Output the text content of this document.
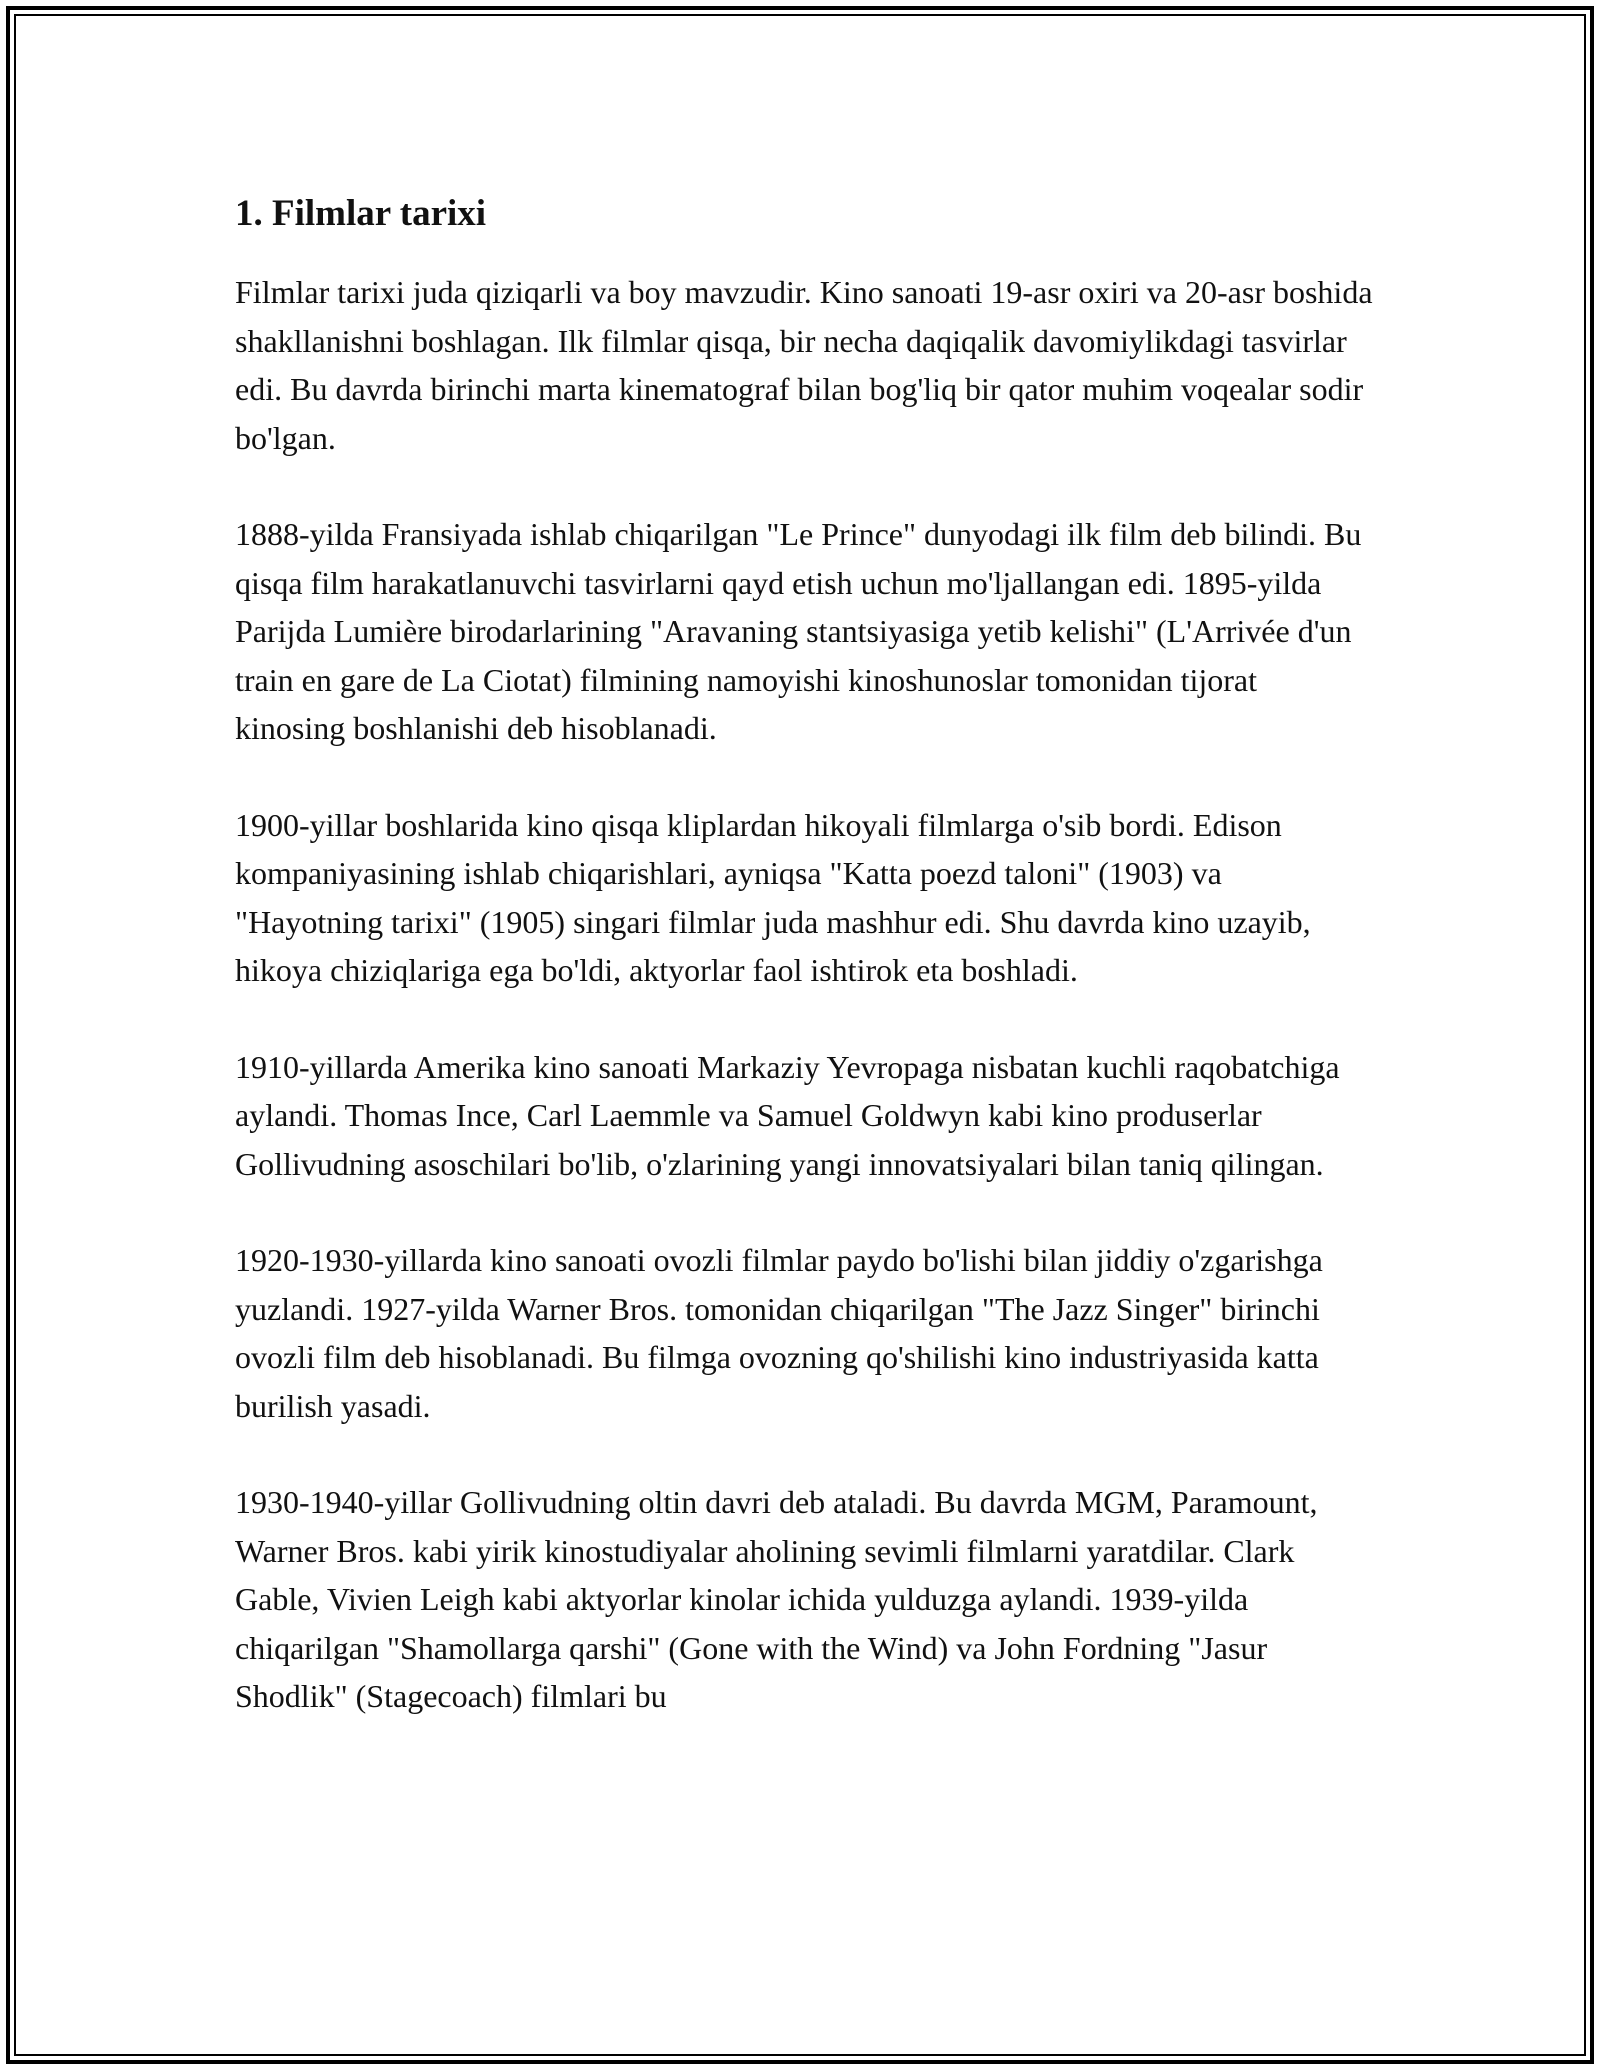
1. Filmlar tarixi

Filmlar tarixi juda qiziqarli va boy mavzudir. Kino sanoati 19-asr oxiri va 20-asr boshida shakllanishni boshlagan. Ilk filmlar qisqa, bir necha daqiqalik davomiylikdagi tasvirlar edi. Bu davrda birinchi marta kinematograf bilan bog'liq bir qator muhim voqealar sodir bo'lgan.

1888-yilda Fransiyada ishlab chiqarilgan "Le Prince" dunyodagi ilk film deb bilindi. Bu qisqa film harakatlanuvchi tasvirlarni qayd etish uchun mo'ljallangan edi. 1895-yilda Parijda Lumière birodarlarining "Aravaning stantsiyasiga yetib kelishi" (L'Arrivée d'un train en gare de La Ciotat) filmining namoyishi kinoshunoslar tomonidan tijorat kinosing boshlanishi deb hisoblanadi.

1900-yillar boshlarida kino qisqa kliplardan hikoyali filmlarga o'sib bordi. Edison kompaniyasining ishlab chiqarishlari, ayniqsa "Katta poezd taloni" (1903) va "Hayotning tarixi" (1905) singari filmlar juda mashhur edi. Shu davrda kino uzayib, hikoya chiziqlariga ega bo'ldi, aktyorlar faol ishtirok eta boshladi.

1910-yillarda Amerika kino sanoati Markaziy Yevropaga nisbatan kuchli raqobatchiga aylandi. Thomas Ince, Carl Laemmle va Samuel Goldwyn kabi kino produserlar Gollivudning asoschilari bo'lib, o'zlarining yangi innovatsiyalari bilan taniq qilingan.

1920-1930-yillarda kino sanoati ovozli filmlar paydo bo'lishi bilan jiddiy o'zgarishga yuzlandi. 1927-yilda Warner Bros. tomonidan chiqarilgan "The Jazz Singer" birinchi ovozli film deb hisoblanadi. Bu filmga ovozning qo'shilishi kino industriyasida katta burilish yasadi.

1930-1940-yillar Gollivudning oltin davri deb ataladi. Bu davrda MGM, Paramount, Warner Bros. kabi yirik kinostudiyalar aholining sevimli filmlarni yaratdilar. Clark Gable, Vivien Leigh kabi aktyorlar kinolar ichida yulduzga aylandi. 1939-yilda chiqarilgan "Shamollarga qarshi" (Gone with the Wind) va John Fordning "Jasur Shodlik" (Stagecoach) filmlari bu
